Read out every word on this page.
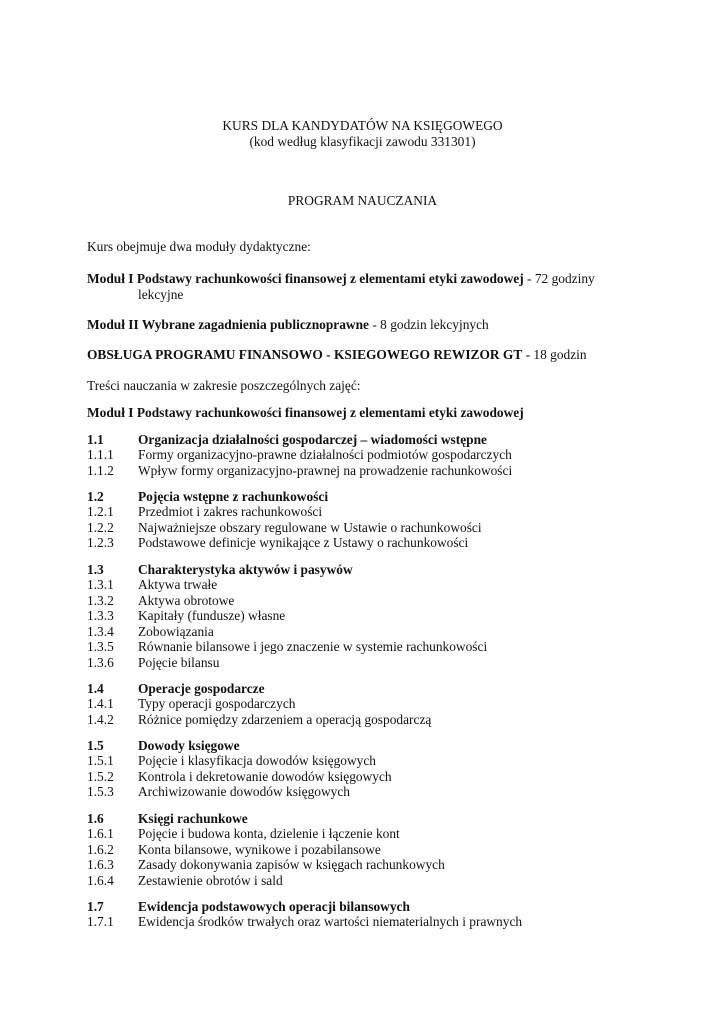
KURS DLA KANDYDATÓW NA KSIĘGOWEGO
(kod według klasyfikacji zawodu 331301)
PROGRAM NAUCZANIA
Kurs obejmuje dwa moduły dydaktyczne:
Moduł I Podstawy rachunkowości finansowej z elementami etyki zawodowej - 72 godziny
lekcyjne
Moduł II Wybrane zagadnienia publicznoprawne - 8 godzin lekcyjnych
OBSŁUGA PROGRAMU FINANSOWO - KSIEGOWEGO REWIZOR GT - 18 godzin
Treści nauczania w zakresie poszczególnych zajęć:
Moduł I Podstawy rachunkowości finansowej z elementami etyki zawodowej
1.1	Organizacja działalności gospodarczej – wiadomości wstępne
1.1.1 Formy organizacyjno-prawne działalności podmiotów gospodarczych
1.1.2 Wpływ formy organizacyjno-prawnej na prowadzenie rachunkowości
1.2	Pojęcia wstępne z rachunkowości
1.2.1 Przedmiot i zakres rachunkowości
1.2.2 Najważniejsze obszary regulowane w Ustawie o rachunkowości
1.2.3 Podstawowe definicje wynikające z Ustawy o rachunkowości
1.3	Charakterystyka aktywów i pasywów
1.3.1 Aktywa trwałe
1.3.2 Aktywa obrotowe
1.3.3 Kapitały (fundusze) własne
1.3.4 Zobowiązania
1.3.5 Równanie bilansowe i jego znaczenie w systemie rachunkowości
1.3.6 Pojęcie bilansu
1.4	Operacje gospodarcze
1.4.1 Typy operacji gospodarczych
1.4.2 Różnice pomiędzy zdarzeniem a operacją gospodarczą
1.5	Dowody księgowe
1.5.1 Pojęcie i klasyfikacja dowodów księgowych
1.5.2 Kontrola i dekretowanie dowodów księgowych
1.5.3 Archiwizowanie dowodów księgowych
1.6	Księgi rachunkowe
1.6.1 Pojęcie i budowa konta, dzielenie i łączenie kont
1.6.2 Konta bilansowe, wynikowe i pozabilansowe
1.6.3 Zasady dokonywania zapisów w księgach rachunkowych
1.6.4 Zestawienie obrotów i sald
1.7	Ewidencja podstawowych operacji bilansowych
1.7.1 Ewidencja środków trwałych oraz wartości niematerialnych i prawnych
